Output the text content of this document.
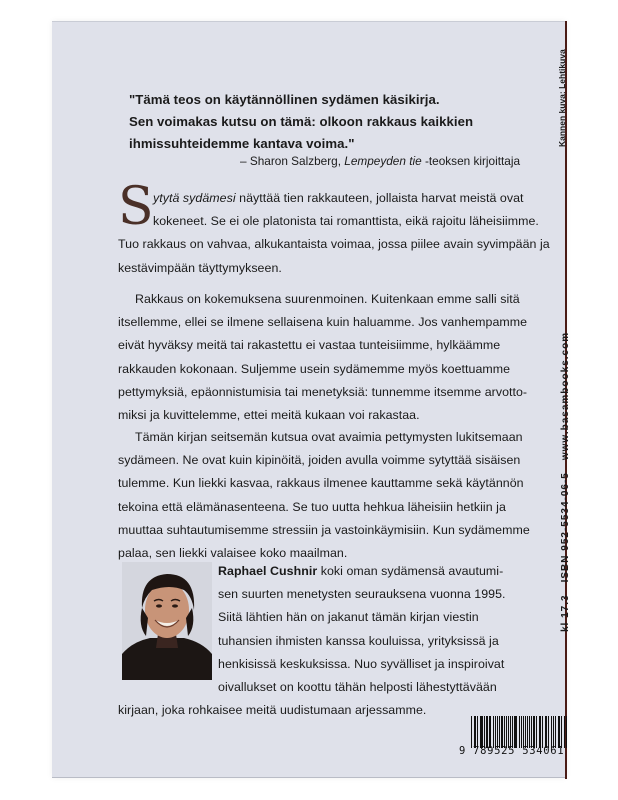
"Tämä teos on käytännöllinen sydämen käsikirja.
Sen voimakas kutsu on tämä: olkoon rakkaus kaikkien
ihmissuhteidemme kantava voima."
– Sharon Salzberg, Lempeyden tie -teoksen kirjoittaja
S ytytä sydämesi näyttää tien rakkauteen, jollaista harvat meistä ovat
kokeneet. Se ei ole platonista tai romanttista, eikä rajoitu läheisiimme.
Tuo rakkaus on vahvaa, alkukantaista voimaa, jossa piilee avain syvimpään ja
kestävimpään täyttymykseen.
Rakkaus on kokemuksena suurenmoinen. Kuitenkaan emme salli sitä
itsellemme, ellei se ilmene sellaisena kuin haluamme. Jos vanhempamme
eivät hyväksy meitä tai rakastettu ei vastaa tunteisiimme, hylkäämme
rakkauden kokonaan. Suljemme usein sydämemme myös koettuamme
pettymyksiä, epäonnistumisia tai menetyksiä: tunnemme itsemme arvotto-
miksi ja kuvittelemme, ettei meitä kukaan voi rakastaa.
Tämän kirjan seitsemän kutsua ovat avaimia pettymysten lukitsemaan
sydämeen. Ne ovat kuin kipinöitä, joiden avulla voimme sytyttää sisäisen
tulemme. Kun liekki kasvaa, rakkaus ilmenee kauttamme sekä käytännön
tekoina että elämänasenteena. Se tuo uutta hehkua läheisiin hetkiin ja
muuttaa suhtautumisemme stressiin ja vastoinkäymisiin. Kun sydämemme
palaa, sen liekki valaisee koko maailman.
Raphael Cushnir koki oman sydämensä avautumi-
sen suurten menetysten seurauksena vuonna 1995.
Siitä lähtien hän on jakanut tämän kirjan viestin
tuhansien ihmisten kanssa kouluissa, yrityksissä ja
henkisissä keskuksissa. Nuo syvälliset ja inspiroivat
oivallukset on koottu tähän helposti lähestyttävään
kirjaan, joka rohkaisee meitä uudistumaan arjessamme.
9 789525 534061
Kannen kuva: Lehtikuva
kl 17.3ISBN 952-5534-06-5www.basambooks.com
